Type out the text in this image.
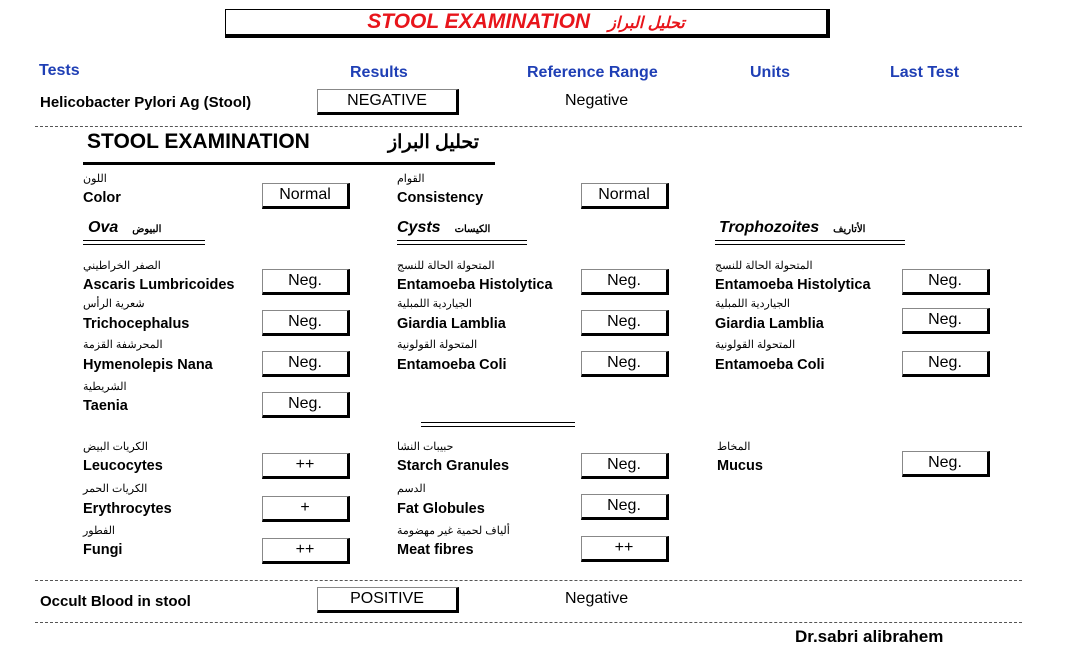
STOOL EXAMINATION تحليل البراز
Tests	Results	Reference Range	Units	Last Test
Helicobacter Pylori Ag (Stool)	NEGATIVE	Negative
STOOL EXAMINATION	تحليل البراز
اللون
Color	Normal
القوام
Consistency	Normal
Ova البيوض	Cysts الكيسات	Trophozoites الأتاريف
الصفر الخراطيني
Ascaris Lumbricoides	Neg.
شعرية الرأس
Trichocephalus	Neg.
المحرشفة القزمة
Hymenolepis Nana	Neg.
الشريطية
Taenia	Neg.
المتحولة الحالة للنسج
Entamoeba Histolytica	Neg.
الجياردية اللمبلية
Giardia Lamblia	Neg.
المتحولة القولونية
Entamoeba Coli	Neg.
المتحولة الحالة للنسج
Entamoeba Histolytica	Neg.
الجياردية اللمبلية
Giardia Lamblia	Neg.
المتحولة القولونية
Entamoeba Coli	Neg.
الكريات البيض
Leucocytes	++
الكريات الحمر
Erythrocytes	+
الفطور
Fungi	++
حبيبات النشا
Starch Granules	Neg.
الدسم
Fat Globules	Neg.
ألياف لحمية غير مهضومة
Meat fibres	++
المخاط
Mucus	Neg.
Occult Blood in stool	POSITIVE	Negative
Dr.sabri alibrahem
